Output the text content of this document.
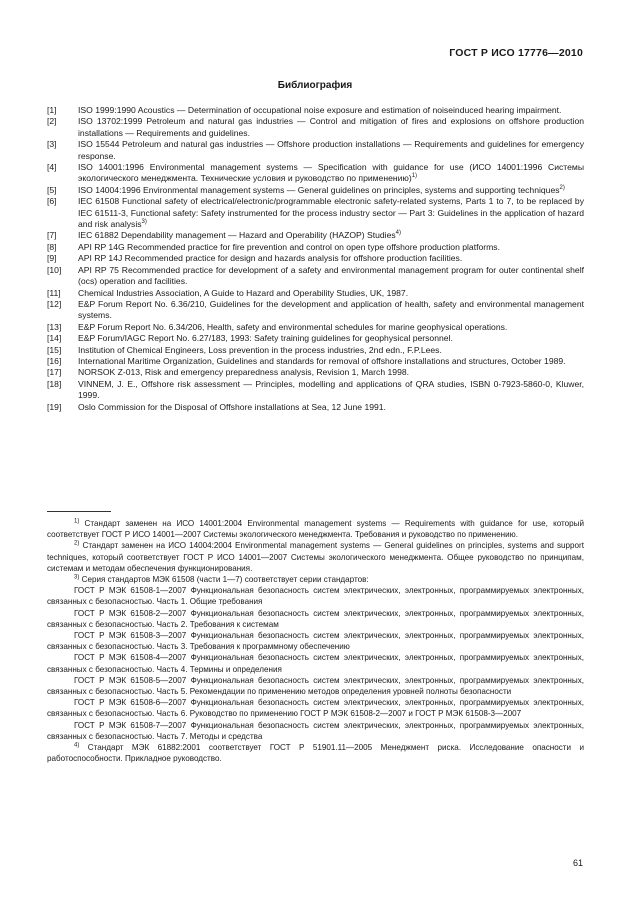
ГОСТ Р ИСО 17776—2010
Библиография
[1]	ISO 1999:1990 Acoustics — Determination of occupational noise exposure and estimation of noiseinduced hearing impairment.
[2]	ISO 13702:1999 Petroleum and natural gas industries — Control and mitigation of fires and explosions on offshore production installations — Requirements and guidelines.
[3]	ISO 15544 Petroleum and natural gas industries — Offshore production installations — Requirements and guidelines for emergency response.
[4]	ISO 14001:1996 Environmental management systems — Specification with guidance for use (ИСО 14001:1996 Системы экологического менеджмента. Технические условия и руководство по применению)$^{1)}$
[5]	ISO 14004:1996 Environmental management systems — General guidelines on principles, systems and supporting techniques$^{2)}$
[6]	IEC 61508 Functional safety of electrical/electronic/programmable electronic safety-related systems, Parts 1 to 7, to be replaced by IEC 61511-3, Functional safety: Safety instrumented for the process industry sector — Part 3: Guidelines in the application of hazard and risk analysis$^{3)}$
[7]	IEC 61882 Dependability management — Hazard and Operability (HAZOP) Studies$^{4)}$
[8]	API RP 14G Recommended practice for fire prevention and control on open type offshore production platforms.
[9]	API RP 14J Recommended practice for design and hazards analysis for offshore production facilities.
[10]	API RP 75 Recommended practice for development of a safety and environmental management program for outer continental shelf (ocs) operation and facilities.
[11]	Chemical Industries Association, A Guide to Hazard and Operability Studies, UK, 1987.
[12]	E&P Forum Report No. 6.36/210, Guidelines for the development and application of health, safety and environmental management systems.
[13]	E&P Forum Report No. 6.34/206, Health, safety and environmental schedules for marine geophysical operations.
[14]	E&P Forum/IAGC Report No. 6.27/183, 1993: Safety training guidelines for geophysical personnel.
[15]	Institution of Chemical Engineers, Loss prevention in the process industries, 2nd edn., F.P.Lees.
[16]	International Maritime Organization, Guidelines and standards for removal of offshore installations and structures, October 1989.
[17]	NORSOK Z-013, Risk and emergency preparedness analysis, Revision 1, March 1998.
[18]	VINNEM, J. E., Offshore risk assessment — Principles, modelling and applications of QRA studies, ISBN 0-7923-5860-0, Kluwer, 1999.
[19]	Oslo Commission for the Disposal of Offshore installations at Sea, 12 June 1991.

$^{1)}$ Стандарт заменен на ИСО 14001:2004 Environmental management systems — Requirements with guidance for use, который соответствует ГОСТ Р ИСО 14001—2007 Системы экологического менеджмента. Требования и руководство по применению.

$^{2)}$ Стандарт заменен на ИСО 14004:2004 Environmental management systems — General guidelines on principles, systems and support techniques, который соответствует ГОСТ Р ИСО 14001—2007 Системы экологического менеджмента. Общее руководство по принципам, системам и методам обеспечения функционирования.

$^{3)}$ Серия стандартов МЭК 61508 (части 1—7) соответствует серии стандартов:

ГОСТ Р МЭК 61508-1—2007 Функциональная безопасность систем электрических, электронных, программируемых электронных, связанных с безопасностью. Часть 1. Общие требования

ГОСТ Р МЭК 61508-2—2007 Функциональная безопасность систем электрических, электронных, программируемых электронных, связанных с безопасностью. Часть 2. Требования к системам

ГОСТ Р МЭК 61508-3—2007 Функциональная безопасность систем электрических, электронных, программируемых электронных, связанных с безопасностью. Часть 3. Требования к программному обеспечению

ГОСТ Р МЭК 61508-4—2007 Функциональная безопасность систем электрических, электронных, программируемых электронных, связанных с безопасностью. Часть 4. Термины и определения

ГОСТ Р МЭК 61508-5—2007 Функциональная безопасность систем электрических, электронных, программируемых электронных, связанных с безопасностью. Часть 5. Рекомендации по применению методов определения уровней полноты безопасности

ГОСТ Р МЭК 61508-6—2007 Функциональная безопасность систем электрических, электронных, программируемых электронных, связанных с безопасностью. Часть 6. Руководство по применению ГОСТ Р МЭК 61508-2—2007 и ГОСТ Р МЭК 61508-3—2007

ГОСТ Р МЭК 61508-7—2007 Функциональная безопасность систем электрических, электронных, программируемых электронных, связанных с безопасностью. Часть 7. Методы и средства

$^{4)}$ Стандарт МЭК 61882:2001 соответствует ГОСТ Р 51901.11—2005 Менеджмент риска. Исследование опасности и работоспособности. Прикладное руководство.

61
